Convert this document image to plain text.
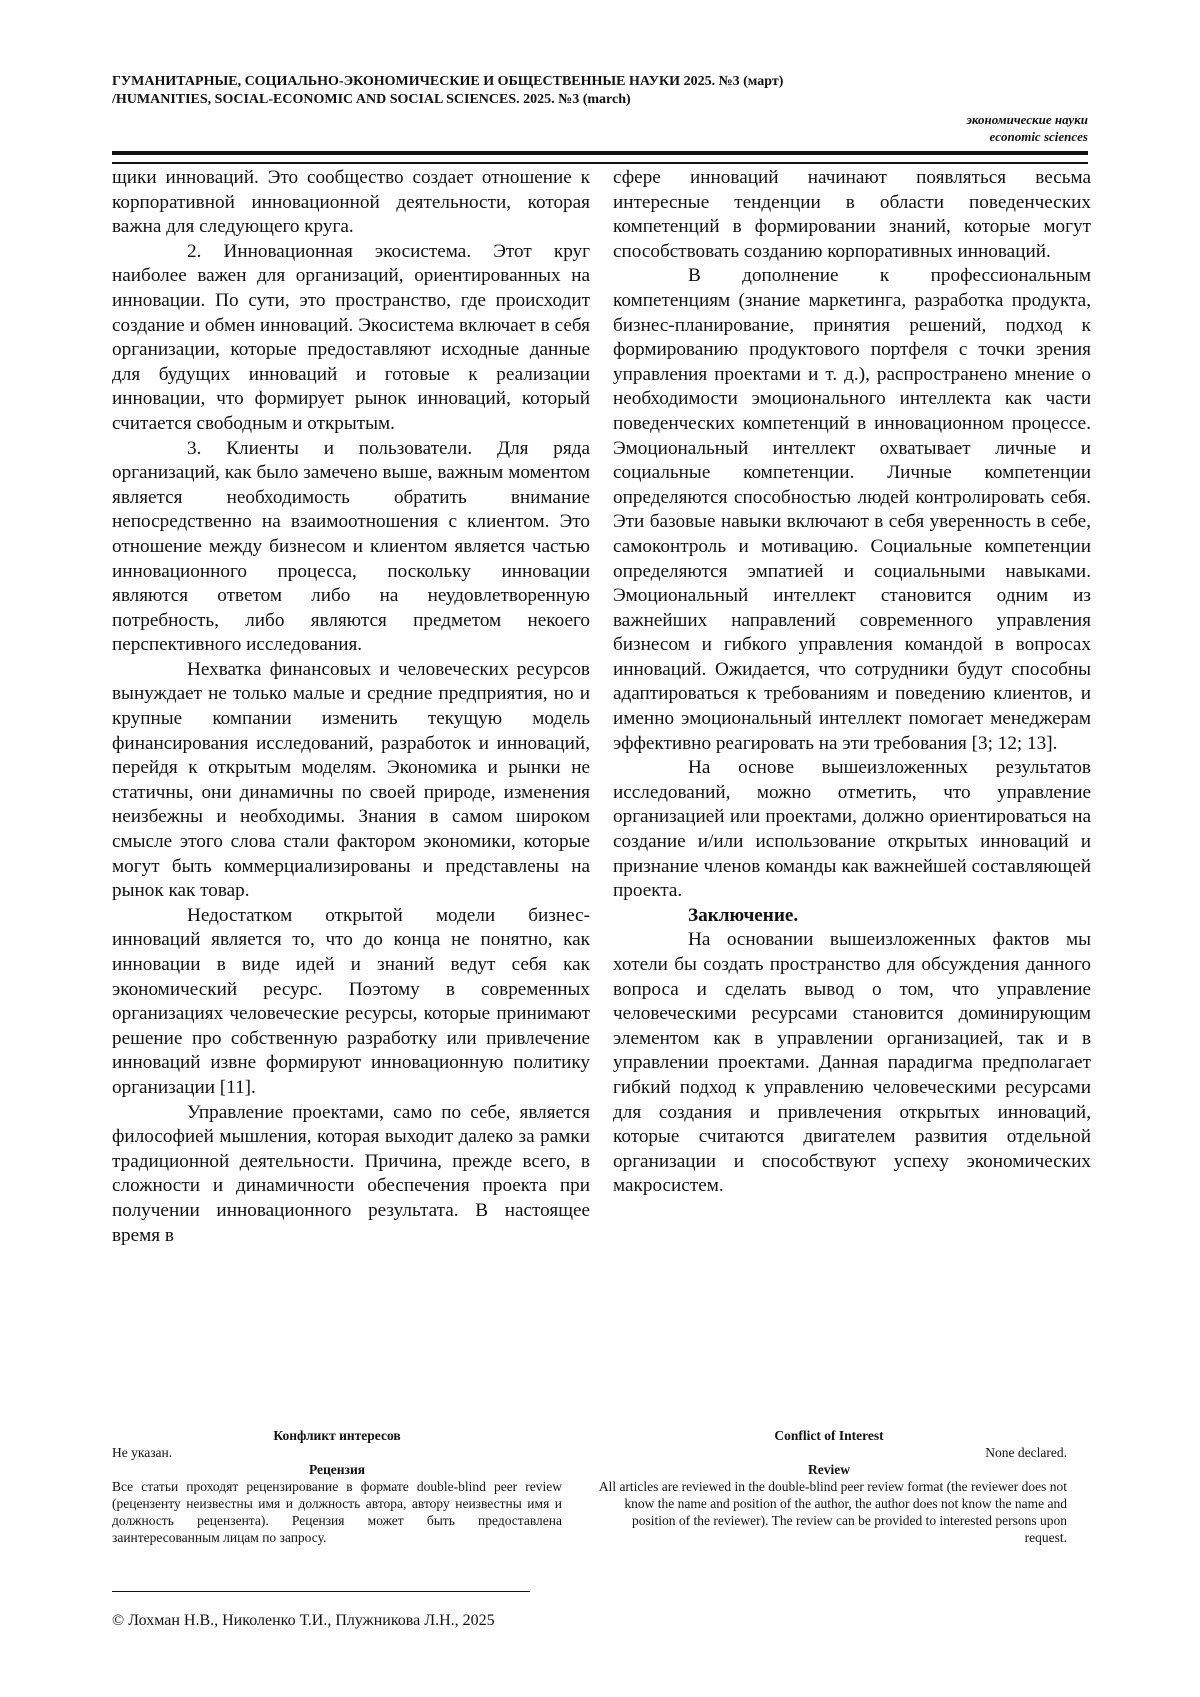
ГУМАНИТАРНЫЕ, СОЦИАЛЬНО-ЭКОНОМИЧЕСКИЕ И ОБЩЕСТВЕННЫЕ НАУКИ 2025. №3 (март)
/HUMANITIES, SOCIAL-ECONOMIC AND SOCIAL SCIENCES. 2025. №3 (march)
экономические науки
economic sciences

щики инноваций. Это сообщество создает отношение к корпоративной инновационной деятельности, которая важна для следующего круга.

2. Инновационная экосистема. Этот круг наиболее важен для организаций, ориентированных на инновации. По сути, это пространство, где происходит создание и обмен инноваций. Экосистема включает в себя организации, которые предоставляют исходные данные для будущих инноваций и готовые к реализации инновации, что формирует рынок инноваций, который считается свободным и открытым.

3. Клиенты и пользователи. Для ряда организаций, как было замечено выше, важным моментом является необходимость обратить внимание непосредственно на взаимоотношения с клиентом. Это отношение между бизнесом и клиентом является частью инновационного процесса, поскольку инновации являются ответом либо на неудовлетворенную потребность, либо являются предметом некоего перспективного исследования.

Нехватка финансовых и человеческих ресурсов вынуждает не только малые и средние предприятия, но и крупные компании изменить текущую модель финансирования исследований, разработок и инноваций, перейдя к открытым моделям. Экономика и рынки не статичны, они динамичны по своей природе, изменения неизбежны и необходимы. Знания в самом широком смысле этого слова стали фактором экономики, которые могут быть коммерциализированы и представлены на рынок как товар.

Недостатком открытой модели бизнес-инноваций является то, что до конца не понятно, как инновации в виде идей и знаний ведут себя как экономический ресурс. Поэтому в современных организациях человеческие ресурсы, которые принимают решение про собственную разработку или привлечение инноваций извне формируют инновационную политику организации [11].

Управление проектами, само по себе, является философией мышления, которая выходит далеко за рамки традиционной деятельности. Причина, прежде всего, в сложности и динамичности обеспечения проекта при получении инновационного результата. В настоящее время в

сфере инноваций начинают появляться весьма интересные тенденции в области поведенческих компетенций в формировании знаний, которые могут способствовать созданию корпоративных инноваций.

В дополнение к профессиональным компетенциям (знание маркетинга, разработка продукта, бизнес-планирование, принятия решений, подход к формированию продуктового портфеля с точки зрения управления проектами и т. д.), распространено мнение о необходимости эмоционального интеллекта как части поведенческих компетенций в инновационном процессе. Эмоциональный интеллект охватывает личные и социальные компетенции. Личные компетенции определяются способностью людей контролировать себя. Эти базовые навыки включают в себя уверенность в себе, самоконтроль и мотивацию. Социальные компетенции определяются эмпатией и социальными навыками. Эмоциональный интеллект становится одним из важнейших направлений современного управления бизнесом и гибкого управления командой в вопросах инноваций. Ожидается, что сотрудники будут способны адаптироваться к требованиям и поведению клиентов, и именно эмоциональный интеллект помогает менеджерам эффективно реагировать на эти требования [3; 12; 13].

На основе вышеизложенных результатов исследований, можно отметить, что управление организацией или проектами, должно ориентироваться на создание и/или использование открытых инноваций и признание членов команды как важнейшей составляющей проекта.

Заключение.

На основании вышеизложенных фактов мы хотели бы создать пространство для обсуждения данного вопроса и сделать вывод о том, что управление человеческими ресурсами становится доминирующим элементом как в управлении организацией, так и в управлении проектами. Данная парадигма предполагает гибкий подход к управлению человеческими ресурсами для создания и привлечения открытых инноваций, которые считаются двигателем развития отдельной организации и способствуют успеху экономических макросистем.

Конфликт интересов

Не указан.

Рецензия

Все статьи проходят рецензирование в формате double-blind peer review (рецензенту неизвестны имя и должность автора, автору неизвестны имя и должность рецензента). Рецензия может быть предоставлена заинтересованным лицам по запросу.

Conflict of Interest

None declared.

Review

All articles are reviewed in the double-blind peer review format (the reviewer does not know the name and position of the author, the author does not know the name and position of the reviewer). The review can be provided to interested persons upon request.

© Лохман Н.В., Николенко Т.И., Плужникова Л.Н., 2025
